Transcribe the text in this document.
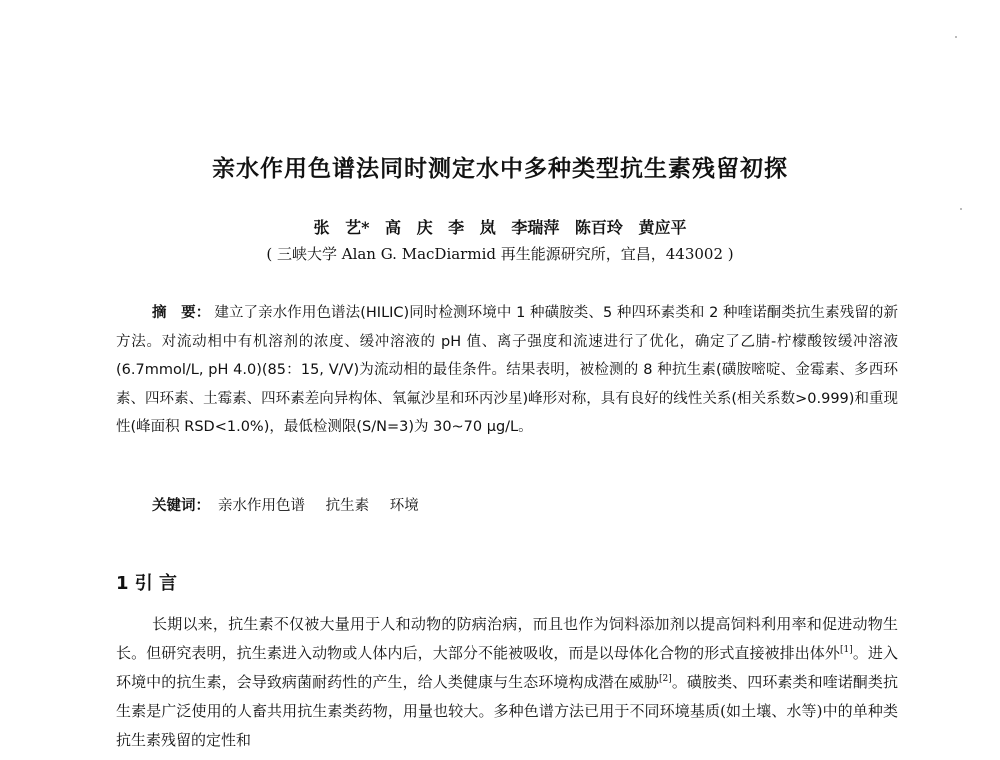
亲水作用色谱法同时测定水中多种类型抗生素残留初探
张 艺* 高 庆 李 岚 李瑞萍 陈百玲 黄应平
( 三峡大学 Alan G. MacDiarmid 再生能源研究所，宜昌，443002 )
摘　要： 建立了亲水作用色谱法(HILIC)同时检测环境中 1 种磺胺类、5 种四环素类和 2 种喹诺酮类抗生素残留的新方法。对流动相中有机溶剂的浓度、缓冲溶液的 pH 值、离子强度和流速进行了优化，确定了乙腈-柠檬酸铵缓冲溶液(6.7mmol/L, pH 4.0)(85：15, V/V)为流动相的最佳条件。结果表明，被检测的 8 种抗生素(磺胺嘧啶、金霉素、多西环素、四环素、土霉素、四环素差向异构体、氧氟沙星和环丙沙星)峰形对称，具有良好的线性关系(相关系数>0.999)和重现性(峰面积 RSD<1.0%)，最低检测限(S/N=3)为 30~70 μg/L。
关键词： 亲水作用色谱 抗生素 环境
1 引 言

长期以来，抗生素不仅被大量用于人和动物的防病治病，而且也作为饲料添加剂以提高饲料利用率和促进动物生长。但研究表明，抗生素进入动物或人体内后，大部分不能被吸收，而是以母体化合物的形式直接被排出体外[1]。进入环境中的抗生素，会导致病菌耐药性的产生，给人类健康与生态环境构成潜在威胁[2]。磺胺类、四环素类和喹诺酮类抗生素是广泛使用的人畜共用抗生素类药物，用量也较大。多种色谱方法已用于不同环境基质(如土壤、水等)中的单种类抗生素残留的定性和
